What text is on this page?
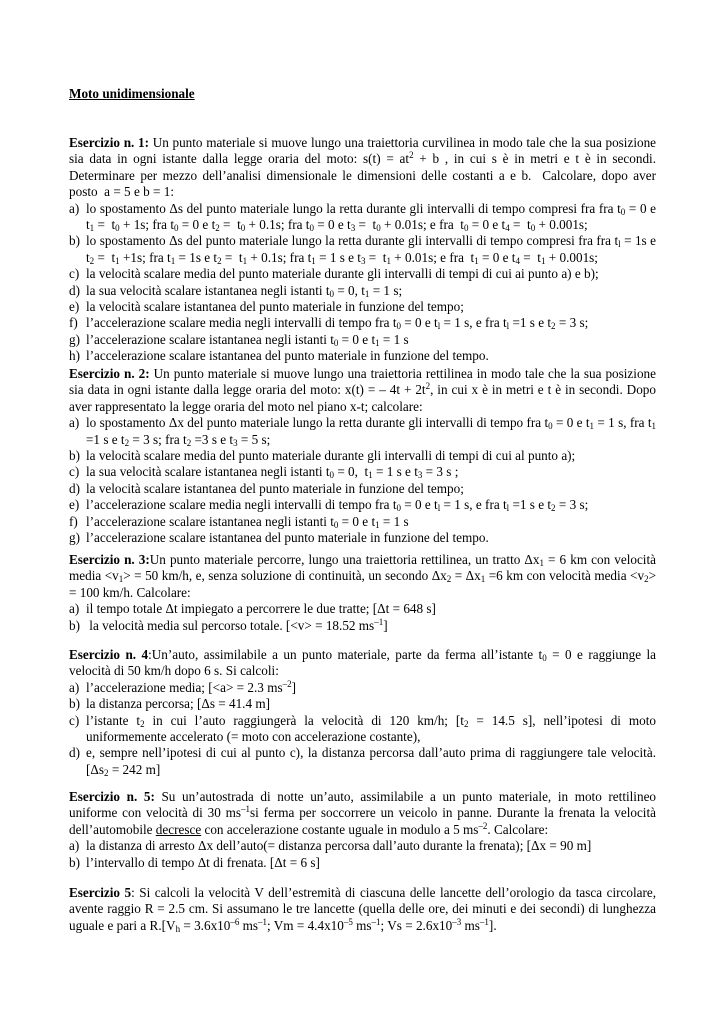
Moto unidimensionale

Esercizio n. 1: Un punto materiale si muove lungo una traiettoria curvilinea in modo tale che la sua posizione sia data in ogni istante dalla legge oraria del moto: $s(t) = at^2 + b$ , in cui s è in metri e t è in secondi. Determinare per mezzo dell’analisi dimensionale le dimensioni delle costanti a e b.  Calcolare, dopo aver posto  a = 5 e b = 1:

a) lo spostamento Δs del punto materiale lungo la retta durante gli intervalli di tempo compresi fra fra $t_0 = 0$ e $t_1 = t_0 + 1s$; fra $t_0 = 0$ e $t_2 = t_0 + 0.1s$; fra $t_0 = 0$ e $t_3 = t_0 + 0.01s$; e fra  $t_0 = 0$ e $t_4 = t_0 + 0.001s$;
b) lo spostamento Δs del punto materiale lungo la retta durante gli intervalli di tempo compresi fra fra $t_l = 1s$ e $t_2 = t_1 +1s$; fra $t_1 = 1s$ e $t_2 = t_1 + 0.1s$; fra $t_1 = 1$ s e $t_3 = t_1 + 0.01s$; e fra  $t_1 = 0$ e $t_4 = t_1 + 0.001s$;
c) la velocità scalare media del punto materiale durante gli intervalli di tempi di cui ai punto a) e b);
d) la sua velocità scalare istantanea negli istanti $t_0 = 0$, $t_1 = 1$ s;
e) la velocità scalare istantanea del punto materiale in funzione del tempo;
f) l’accelerazione scalare media negli intervalli di tempo fra $t_0 = 0$ e $t_l = 1$ s, e fra $t_l =1$ s e $t_2 = 3$ s;
g) l’accelerazione scalare istantanea negli istanti $t_0 = 0$ e $t_1 = 1$ s
h) l’accelerazione scalare istantanea del punto materiale in funzione del tempo.

Esercizio n. 2: Un punto materiale si muove lungo una traiettoria rettilinea in modo tale che la sua posizione sia data in ogni istante dalla legge oraria del moto: x(t) = – $4t + 2t^2$, in cui x è in metri e t è in secondi. Dopo aver rappresentato la legge oraria del moto nel piano x-t; calcolare:

a) lo spostamento Δx del punto materiale lungo la retta durante gli intervalli di tempo fra $t_0 = 0$ e $t_1 = 1$ s, fra $t_1 =1$ s e $t_2 = 3$ s; fra $t_2 =3$ s e $t_3 = 5$ s;
b) la velocità scalare media del punto materiale durante gli intervalli di tempi di cui al punto a);
c) la sua velocità scalare istantanea negli istanti $t_0 = 0$,  $t_1 = 1$ s e $t_3 = 3$ s ;
d) la velocità scalare istantanea del punto materiale in funzione del tempo;
e) l’accelerazione scalare media negli intervalli di tempo fra $t_0 = 0$ e $t_l = 1$ s, e fra $t_l =1$ s e $t_2 = 3$ s;
f) l’accelerazione scalare istantanea negli istanti $t_0 = 0$ e $t_1 = 1$ s
g) l’accelerazione scalare istantanea del punto materiale in funzione del tempo.

Esercizio n. 3:Un punto materiale percorre, lungo una traiettoria rettilinea, un tratto $\Delta x_1 = 6$ km con velocità media $<v_1> = 50$ km/h, e, senza soluzione di continuità, un secondo $\Delta x_2 = \Delta x_1 =6$ km con velocità media $<v_2> = 100$ km/h. Calcolare:

a) il tempo totale Δt impiegato a percorrere le due tratte; [Δt = 648 s]
b) la velocità media sul percorso totale. [<v> = 18.52 $ms^{-1}$]

Esercizio n. 4:Un’auto, assimilabile a un punto materiale, parte da ferma all’istante $t_0 = 0$ e raggiunge la velocità di 50 km/h dopo 6 s. Si calcoli:

a) l’accelerazione media; [<a> = 2.3 $ms^{-2}$]
b) la distanza percorsa; [Δs = 41.4 m]
c) l’istante $t_2$ in cui l’auto raggiungerà la velocità di 120 km/h; [$t_2 = 14.5$ s], nell’ipotesi di moto uniformemente accelerato (= moto con accelerazione costante),
d) e, sempre nell’ipotesi di cui al punto c), la distanza percorsa dall’auto prima di raggiungere tale velocità. [$\Delta s_2 = 242$ m]

Esercizio n. 5: Su un’autostrada di notte un’auto, assimilabile a un punto materiale, in moto rettilineo uniforme con velocità di 30 $ms^{-1}si$ ferma per soccorrere un veicolo in panne. Durante la frenata la velocità dell’automobile decresce con accelerazione costante uguale in modulo a 5 $ms^{-2}$. Calcolare:

a) la distanza di arresto Δx dell’auto(= distanza percorsa dall’auto durante la frenata); [Δx = 90 m]
b) l’intervallo di tempo Δt di frenata. [Δt = 6 s]

Esercizio 5: Si calcoli la velocità V dell’estremità di ciascuna delle lancette dell’orologio da tasca circolare, avente raggio R = 2.5 cm. Si assumano le tre lancette (quella delle ore, dei minuti e dei secondi) di lunghezza uguale e pari a $R.[V_h = 3.6x10^{-6}$ $ms^{-1}$; $Vm = 4.4x10^{-5}$ $ms^{-1}$; $Vs = 2.6x10^{-3}$ $ms^{-1}$].
